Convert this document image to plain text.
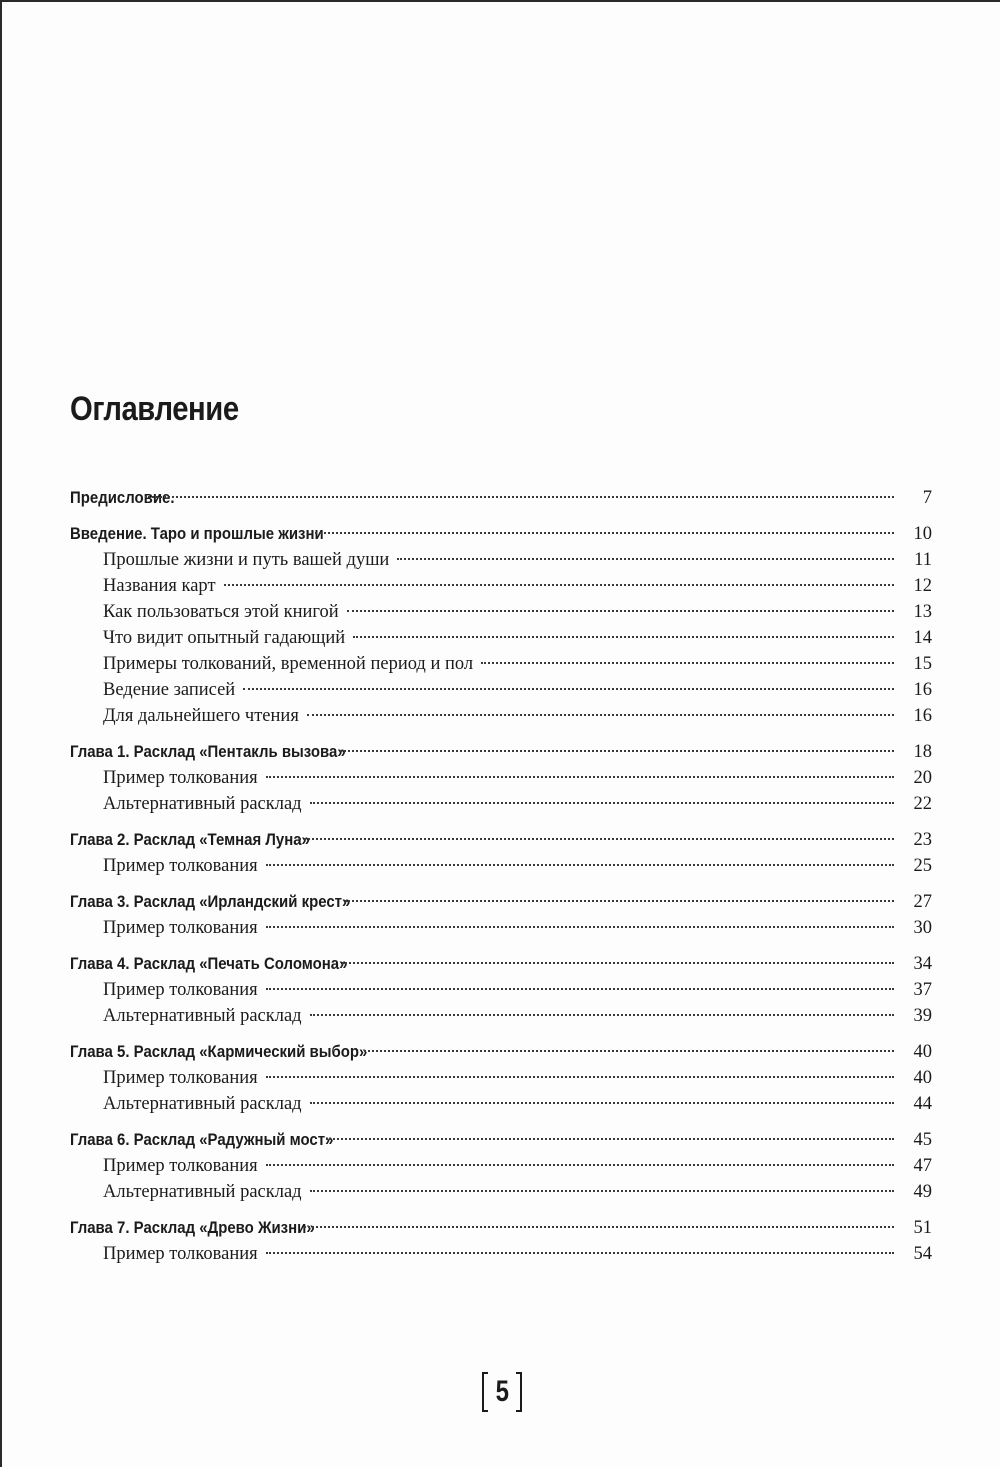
Оглавление
Предисловие.	7
Введение. Таро и прошлые жизни	10
Прошлые жизни и путь вашей души	11
Названия карт	12
Как пользоваться этой книгой	13
Что видит опытный гадающий	14
Примеры толкований, временной период и пол	15
Ведение записей	16
Для дальнейшего чтения	16
Глава 1. Расклад «Пентакль вызова»	18
Пример толкования	20
Альтернативный расклад	22
Глава 2. Расклад «Темная Луна»	23
Пример толкования	25
Глава 3. Расклад «Ирландский крест»	27
Пример толкования	30
Глава 4. Расклад «Печать Соломона»	34
Пример толкования	37
Альтернативный расклад	39
Глава 5. Расклад «Кармический выбор»	40
Пример толкования	40
Альтернативный расклад	44
Глава 6. Расклад «Радужный мост»	45
Пример толкования	47
Альтернативный расклад	49
Глава 7. Расклад «Древо Жизни»	51
Пример толкования	54
5
